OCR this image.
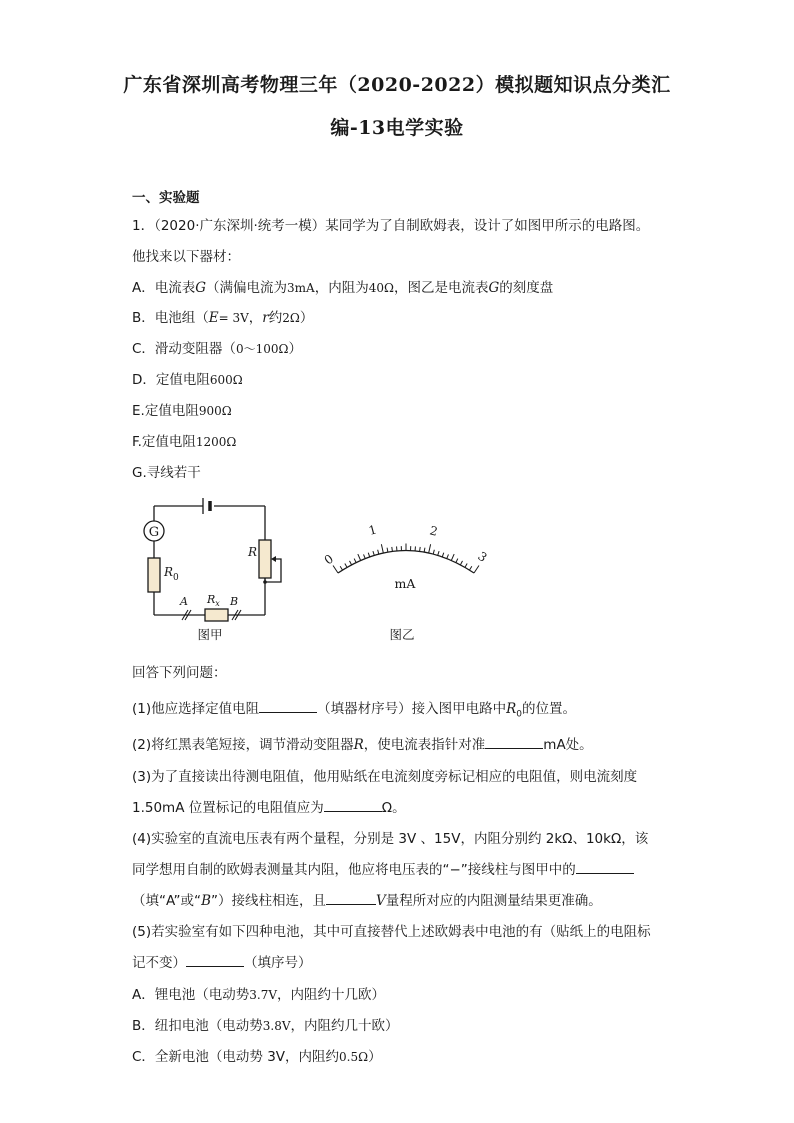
广东省深圳高考物理三年（2020-2022）模拟题知识点分类汇
编-13电学实验
一、实验题
1．（2020·广东深圳·统考一模）某同学为了自制欧姆表，设计了如图甲所示的电路图。
他找来以下器材：
A．电流表G（满偏电流为3mA，内阻为40Ω，图乙是电流表G的刻度盘
B．电池组（E= 3V，r约2Ω）
C．滑动变阻器（0～100Ω）
D．定值电阻600Ω
E.定值电阻900Ω
F.定值电阻1200Ω
G.寻线若干
G
$R_0$
R
$R_x$
A	B
图甲
0
1	2
3
mA
图乙
回答下列问题：
(1)他应选择定值电阻	（填器材序号）接入图甲电路中$R_0$的位置。
(2)将红黑表笔短接，调节滑动变阻器R，使电流表指针对准	mA处。
(3)为了直接读出待测电阻值，他用贴纸在电流刻度旁标记相应的电阻值，则电流刻度
1.50mA 位置标记的电阻值应为	Ω。
(4)实验室的直流电压表有两个量程，分别是 3V 、15V，内阻分别约 2kΩ、10kΩ，该
同学想用自制的欧姆表测量其内阻，他应将电压表的“−”接线柱与图甲中的
（填“A”或“B”）接线柱相连，且	V量程所对应的内阻测量结果更准确。
(5)若实验室有如下四种电池，其中可直接替代上述欧姆表中电池的有（贴纸上的电阻标
记不变）	（填序号）
A．锂电池（电动势3.7V，内阻约十几欧）
B．纽扣电池（电动势3.8V，内阻约几十欧）
C．全新电池（电动势 3V，内阻约0.5Ω）
